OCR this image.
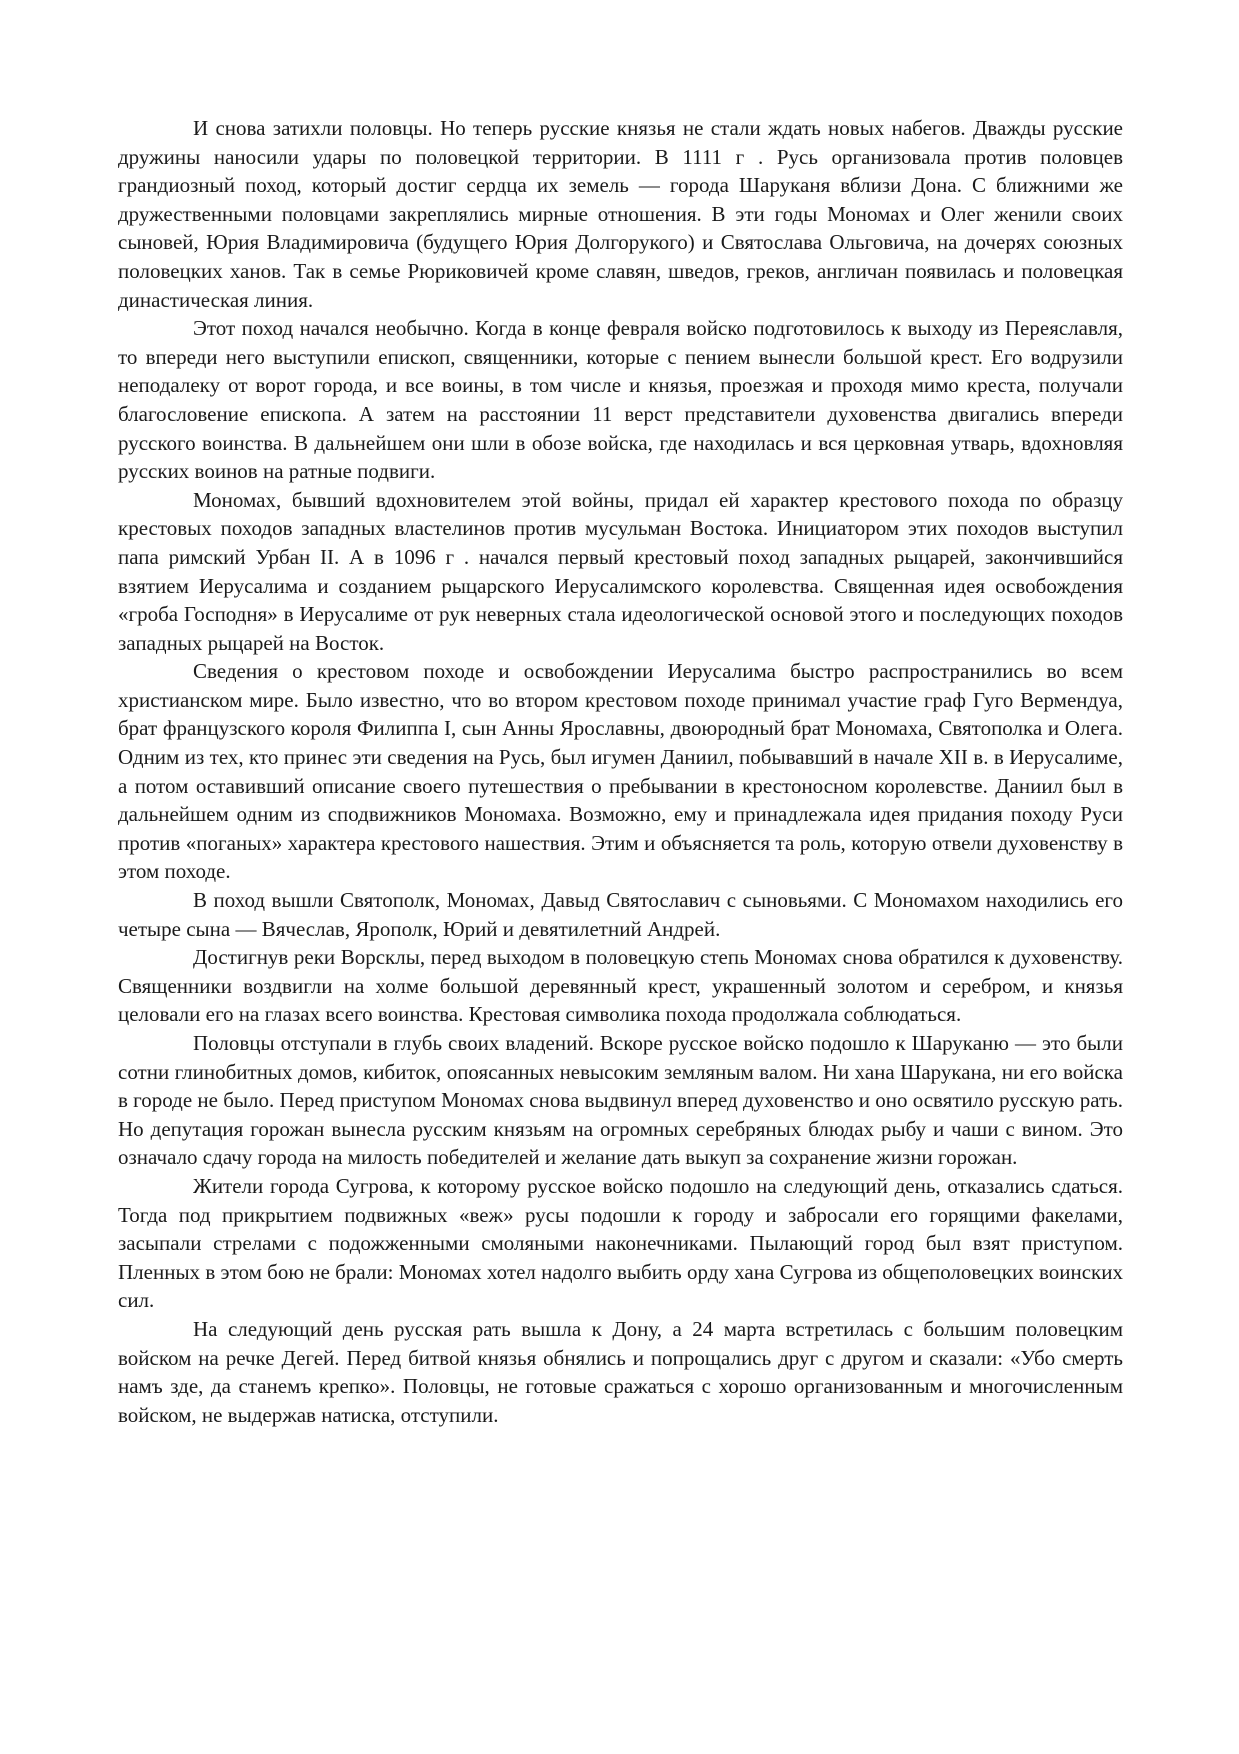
И снова затихли половцы. Но теперь русские князья не стали ждать новых набегов. Дважды русские дружины наносили удары по половецкой территории. В 1111 г . Русь организовала против половцев грандиозный поход, который достиг сердца их земель — города Шаруканя вблизи Дона. С ближними же дружественными половцами закреплялись мирные отношения. В эти годы Мономах и Олег женили своих сыновей, Юрия Владимировича (будущего Юрия Долгорукого) и Святослава Ольговича, на дочерях союзных половецких ханов. Так в семье Рюриковичей кроме славян, шведов, греков, англичан появилась и половецкая династическая линия.

Этот поход начался необычно. Когда в конце февраля войско подготовилось к выходу из Переяславля, то впереди него выступили епископ, священники, которые с пением вынесли большой крест. Его водрузили неподалеку от ворот города, и все воины, в том числе и князья, проезжая и проходя мимо креста, получали благословение епископа. А затем на расстоянии 11 верст представители духовенства двигались впереди русского воинства. В дальнейшем они шли в обозе войска, где находилась и вся церковная утварь, вдохновляя русских воинов на ратные подвиги.

Мономах, бывший вдохновителем этой войны, придал ей характер крестового похода по образцу крестовых походов западных властелинов против мусульман Востока. Инициатором этих походов выступил папа римский Урбан II. А в 1096 г . начался первый крестовый поход западных рыцарей, закончившийся взятием Иерусалима и созданием рыцарского Иерусалимского королевства. Священная идея освобождения «гроба Господня» в Иерусалиме от рук неверных стала идеологической основой этого и последующих походов западных рыцарей на Восток.

Сведения о крестовом походе и освобождении Иерусалима быстро распространились во всем христианском мире. Было известно, что во втором крестовом походе принимал участие граф Гуго Вермендуа, брат французского короля Филиппа I, сын Анны Ярославны, двоюродный брат Мономаха, Святополка и Олега. Одним из тех, кто принес эти сведения на Русь, был игумен Даниил, побывавший в начале XII в. в Иерусалиме, а потом оставивший описание своего путешествия о пребывании в крестоносном королевстве. Даниил был в дальнейшем одним из сподвижников Мономаха. Возможно, ему и принадлежала идея придания походу Руси против «поганых» характера крестового нашествия. Этим и объясняется та роль, которую отвели духовенству в этом походе.

В поход вышли Святополк, Мономах, Давыд Святославич с сыновьями. С Мономахом находились его четыре сына — Вячеслав, Ярополк, Юрий и девятилетний Андрей.

Достигнув реки Ворсклы, перед выходом в половецкую степь Мономах снова обратился к духовенству. Священники воздвигли на холме большой деревянный крест, украшенный золотом и серебром, и князья целовали его на глазах всего воинства. Крестовая символика похода продолжала соблюдаться.

Половцы отступали в глубь своих владений. Вскоре русское войско подошло к Шаруканю — это были сотни глинобитных домов, кибиток, опоясанных невысоким земляным валом. Ни хана Шарукана, ни его войска в городе не было. Перед приступом Мономах снова выдвинул вперед духовенство и оно освятило русскую рать. Но депутация горожан вынесла русским князьям на огромных серебряных блюдах рыбу и чаши с вином. Это означало сдачу города на милость победителей и желание дать выкуп за сохранение жизни горожан.

Жители города Сугрова, к которому русское войско подошло на следующий день, отказались сдаться. Тогда под прикрытием подвижных «веж» русы подошли к городу и забросали его горящими факелами, засыпали стрелами с подожженными смоляными наконечниками. Пылающий город был взят приступом. Пленных в этом бою не брали: Мономах хотел надолго выбить орду хана Сугрова из общеполовецких воинских сил.

На следующий день русская рать вышла к Дону, а 24 марта встретилась с большим половецким войском на речке Дегей. Перед битвой князья обнялись и попрощались друг с другом и сказали: «Убо смерть намъ зде, да станемъ крепко». Половцы, не готовые сражаться с хорошо организованным и многочисленным войском, не выдержав натиска, отступили.
